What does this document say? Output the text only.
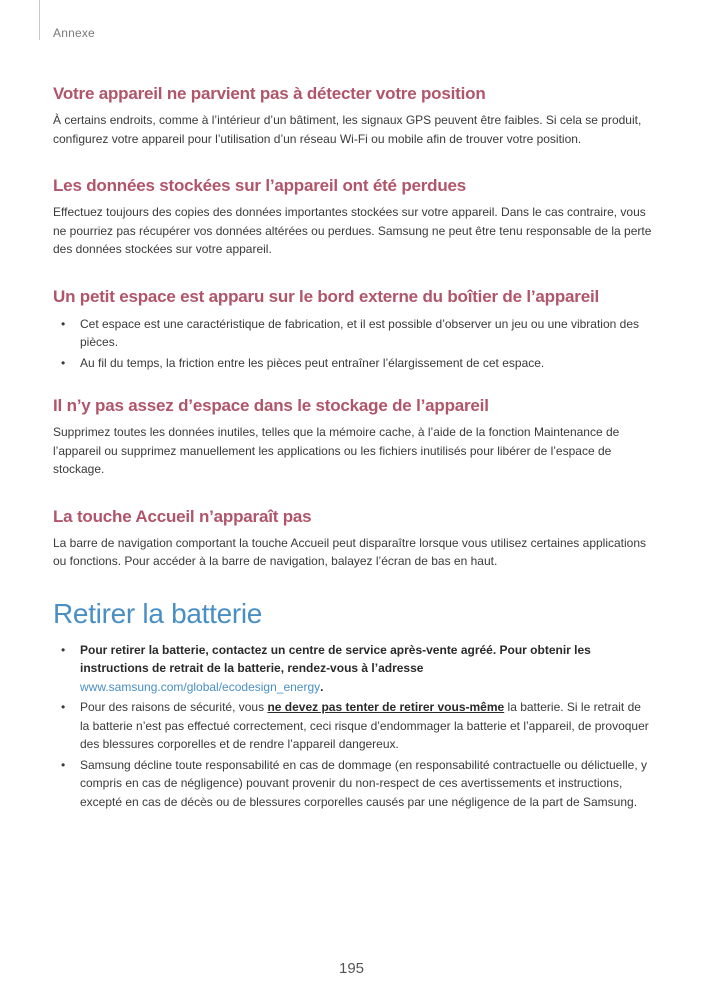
Annexe
Votre appareil ne parvient pas à détecter votre position

À certains endroits, comme à l’intérieur d’un bâtiment, les signaux GPS peuvent être faibles. Si cela se produit, configurez votre appareil pour l’utilisation d’un réseau Wi-Fi ou mobile afin de trouver votre position.

Les données stockées sur l’appareil ont été perdues

Effectuez toujours des copies des données importantes stockées sur votre appareil. Dans le cas contraire, vous ne pourriez pas récupérer vos données altérées ou perdues. Samsung ne peut être tenu responsable de la perte des données stockées sur votre appareil.

Un petit espace est apparu sur le bord externe du boîtier de l’appareil
• Cet espace est une caractéristique de fabrication, et il est possible d’observer un jeu ou une vibration des pièces.
• Au fil du temps, la friction entre les pièces peut entraîner l’élargissement de cet espace.
Il n’y pas assez d’espace dans le stockage de l’appareil

Supprimez toutes les données inutiles, telles que la mémoire cache, à l’aide de la fonction Maintenance de l’appareil ou supprimez manuellement les applications ou les fichiers inutilisés pour libérer de l’espace de stockage.

La touche Accueil n’apparaît pas

La barre de navigation comportant la touche Accueil peut disparaître lorsque vous utilisez certaines applications ou fonctions. Pour accéder à la barre de navigation, balayez l’écran de bas en haut.

Retirer la batterie
• Pour retirer la batterie, contactez un centre de service après-vente agréé. Pour obtenir les instructions de retrait de la batterie, rendez-vous à l’adresse www.samsung.com/global/ecodesign_energy.
• Pour des raisons de sécurité, vous ne devez pas tenter de retirer vous-même la batterie. Si le retrait de la batterie n’est pas effectué correctement, ceci risque d’endommager la batterie et l’appareil, de provoquer des blessures corporelles et de rendre l’appareil dangereux.
• Samsung décline toute responsabilité en cas de dommage (en responsabilité contractuelle ou délictuelle, y compris en cas de négligence) pouvant provenir du non-respect de ces avertissements et instructions, excepté en cas de décès ou de blessures corporelles causés par une négligence de la part de Samsung.
195
